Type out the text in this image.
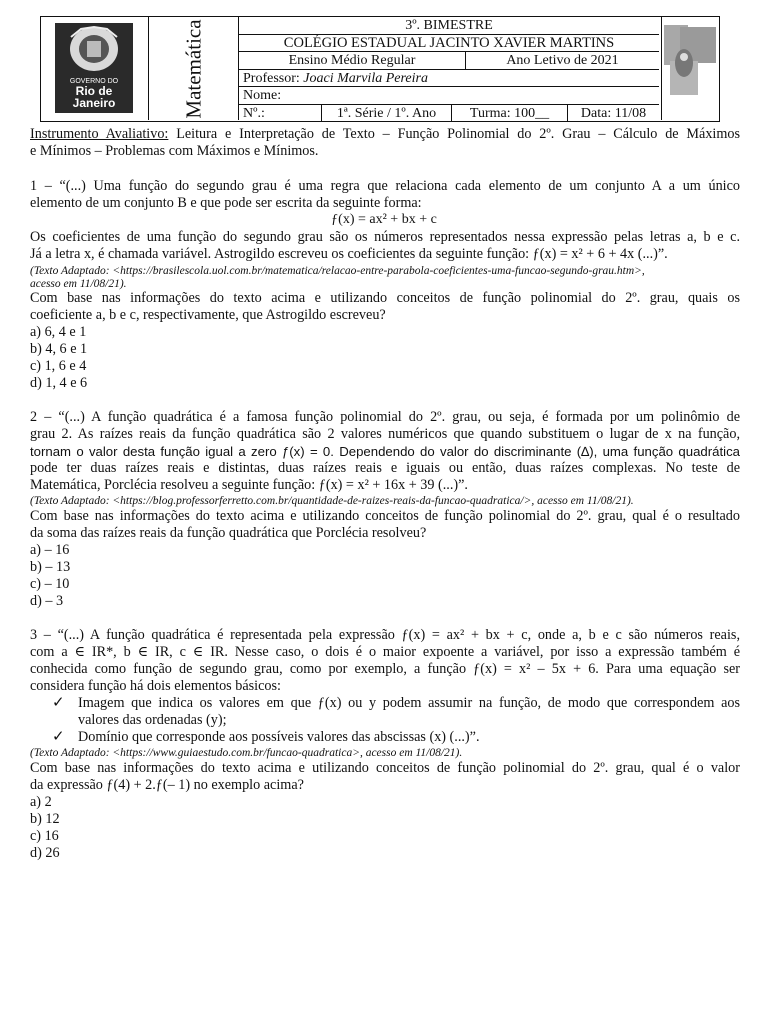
GOVERNO DO
Rio de
Janeiro	Matemática	3º. BIMESTRE
COLÉGIO ESTADUAL JACINTO XAVIER MARTINS
Ensino Médio Regular	Ano Letivo de 2021
Professor: Joaci Marvila Pereira
Nome:
Nº.:	1ª. Série / 1º. Ano	Turma: 100__	Data: 11/08
Instrumento Avaliativo: Leitura e Interpretação de Texto – Função Polinomial do 2º. Grau – Cálculo de Máximos
e Mínimos – Problemas com Máximos e Mínimos.
1 – “(...) Uma função do segundo grau é uma regra que relaciona cada elemento de um conjunto A a um único
elemento de um conjunto B e que pode ser escrita da seguinte forma:
ƒ(x) = ax² + bx + c
Os coeficientes de uma função do segundo grau são os números representados nessa expressão pelas letras a, b e c.
Já a letra x, é chamada variável. Astrogildo escreveu os coeficientes da seguinte função: ƒ(x) = x² + 6 + 4x (...)”.
(Texto Adaptado: <https://brasilescola.uol.com.br/matematica/relacao-entre-parabola-coeficientes-uma-funcao-segundo-grau.htm>,
acesso em 11/08/21).
Com base nas informações do texto acima e utilizando conceitos de função polinomial do 2º. grau, quais os
coeficiente a, b e c, respectivamente, que Astrogildo escreveu?
a) 6, 4 e 1
b) 4, 6 e 1
c) 1, 6 e 4
d) 1, 4 e 6
2 – “(...) A função quadrática é a famosa função polinomial do 2º. grau, ou seja, é formada por um polinômio de
grau 2. As raízes reais da função quadrática são 2 valores numéricos que quando substituem o lugar de x na função,
tornam o valor desta função igual a zero ƒ(x) = 0. Dependendo do valor do discriminante (∆), uma função quadrática
pode ter duas raízes reais e distintas, duas raízes reais e iguais ou então, duas raízes complexas. No teste de
Matemática, Porclécia resolveu a seguinte função: ƒ(x) = x² + 16x + 39 (...)”.
(Texto Adaptado: <https://blog.professorferretto.com.br/quantidade-de-raizes-reais-da-funcao-quadratica/>, acesso em 11/08/21).
Com base nas informações do texto acima e utilizando conceitos de função polinomial do 2º. grau, qual é o resultado
da soma das raízes reais da função quadrática que Porclécia resolveu?
a) – 16
b) – 13
c) – 10
d) – 3
3 – “(...) A função quadrática é representada pela expressão ƒ(x) = ax² + bx + c, onde a, b e c são números reais,
com a ∈ IR*, b ∈ IR, c ∈ IR. Nesse caso, o dois é o maior expoente a variável, por isso a expressão também é
conhecida como função de segundo grau, como por exemplo, a função ƒ(x) = x² – 5x + 6. Para uma equação ser
considera função há dois elementos básicos:
✓ Imagem que indica os valores em que ƒ(x) ou y podem assumir na função, de modo que correspondem aos
valores das ordenadas (y);
✓ Domínio que corresponde aos possíveis valores das abscissas (x) (...)”.
(Texto Adaptado: <https://www.guiaestudo.com.br/funcao-quadratica>, acesso em 11/08/21).
Com base nas informações do texto acima e utilizando conceitos de função polinomial do 2º. grau, qual é o valor
da expressão ƒ(4) + 2.ƒ(– 1) no exemplo acima?
a) 2
b) 12
c) 16
d) 26
